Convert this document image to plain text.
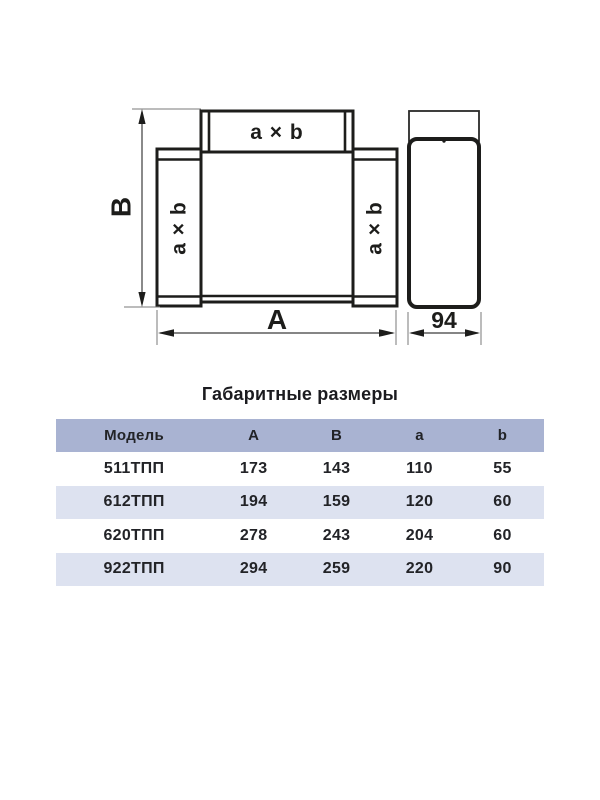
a × b
a × b	a × b
B
A	94
Габаритные размеры
Модель	A	B	a	b
511ТПП	173	143	110	55
612ТПП	194	159	120	60
620ТПП	278	243	204	60
922ТПП	294	259	220	90
